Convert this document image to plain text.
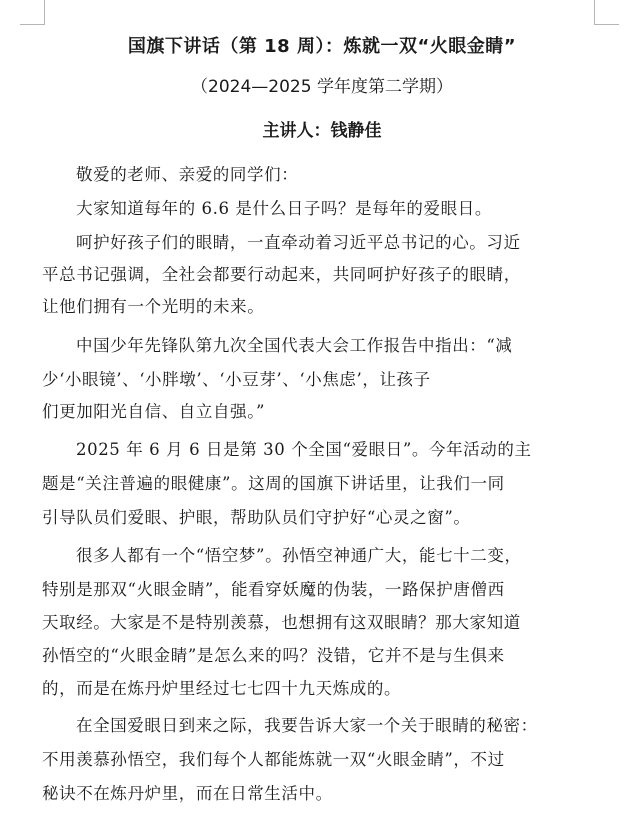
国旗下讲话（第 18 周）：炼就一双“火眼金睛”
（2024—2025 学年度第二学期）
主讲人：钱静佳
敬爱的老师、亲爱的同学们：
大家知道每年的 6.6 是什么日子吗？是每年的爱眼日。
呵护好孩子们的眼睛，一直牵动着习近平总书记的心。习近
平总书记强调，全社会都要行动起来，共同呵护好孩子的眼睛，
让他们拥有一个光明的未来。
中国少年先锋队第九次全国代表大会工作报告中指出：“减
少‘小眼镜’、‘小胖墩’、‘小豆芽’、‘小焦虑’，让孩子
们更加阳光自信、自立自强。”
2025 年 6 月 6 日是第 30 个全国“爱眼日”。今年活动的主
题是“关注普遍的眼健康”。这周的国旗下讲话里，让我们一同
引导队员们爱眼、护眼，帮助队员们守护好“心灵之窗”。
很多人都有一个“悟空梦”。孙悟空神通广大，能七十二变，
特别是那双“火眼金睛”，能看穿妖魔的伪装，一路保护唐僧西
天取经。大家是不是特别羡慕，也想拥有这双眼睛？那大家知道
孙悟空的“火眼金睛”是怎么来的吗？没错，它并不是与生俱来
的，而是在炼丹炉里经过七七四十九天炼成的。
在全国爱眼日到来之际，我要告诉大家一个关于眼睛的秘密：
不用羡慕孙悟空，我们每个人都能炼就一双“火眼金睛”，不过
秘诀不在炼丹炉里，而在日常生活中。
